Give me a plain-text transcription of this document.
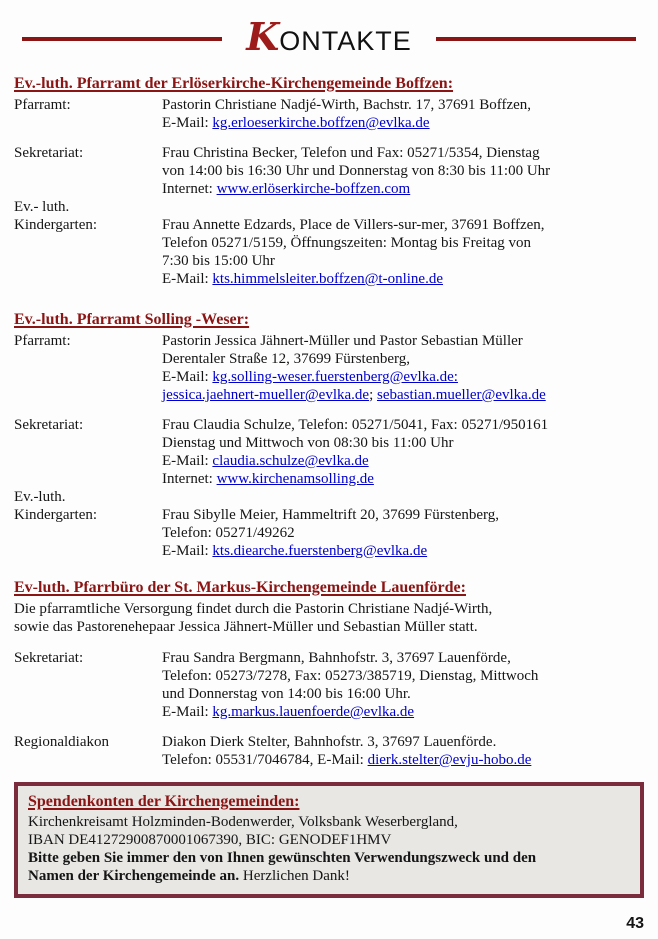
KONTAKTE
Ev.-luth. Pfarramt der Erlöserkirche-Kirchengemeinde Boffzen:
Pfarramt:	Pastorin Christiane Nadjé-Wirth, Bachstr. 17, 37691 Boffzen,
E-Mail: kg.erloeserkirche.boffzen@evlka.de
Sekretariat:	Frau Christina Becker, Telefon und Fax: 05271/5354, Dienstag
von 14:00 bis 16:30 Uhr und Donnerstag von 8:30 bis 11:00 Uhr
Internet: www.erlöserkirche-boffzen.com
Ev.- luth.
Kindergarten:	Frau Annette Edzards, Place de Villers-sur-mer, 37691 Boffzen,
Telefon 05271/5159, Öffnungszeiten: Montag bis Freitag von
7:30 bis 15:00 Uhr
E-Mail: kts.himmelsleiter.boffzen@t-online.de
Ev.-luth. Pfarramt Solling -Weser:
Pfarramt:	Pastorin Jessica Jähnert-Müller und Pastor Sebastian Müller
Derentaler Straße 12, 37699 Fürstenberg,
E-Mail: kg.solling-weser.fuerstenberg@evlka.de:
jessica.jaehnert-mueller@evlka.de; sebastian.mueller@evlka.de
Sekretariat:	Frau Claudia Schulze, Telefon: 05271/5041, Fax: 05271/950161
Dienstag und Mittwoch von 08:30 bis 11:00 Uhr
E-Mail: claudia.schulze@evlka.de
Internet: www.kirchenamsolling.de
Ev.-luth.
Kindergarten:	Frau Sibylle Meier, Hammeltrift 20, 37699 Fürstenberg,
Telefon: 05271/49262
E-Mail: kts.diearche.fuerstenberg@evlka.de
Ev-luth. Pfarrbüro der St. Markus-Kirchengemeinde Lauenförde:
Die pfarramtliche Versorgung findet durch die Pastorin Christiane Nadjé-Wirth,
sowie das Pastorenehepaar Jessica Jähnert-Müller und Sebastian Müller statt.
Sekretariat:	Frau Sandra Bergmann, Bahnhofstr. 3, 37697 Lauenförde,
Telefon: 05273/7278, Fax: 05273/385719, Dienstag, Mittwoch
und Donnerstag von 14:00 bis 16:00 Uhr.
E-Mail: kg.markus.lauenfoerde@evlka.de
Regionaldiakon	Diakon Dierk Stelter, Bahnhofstr. 3, 37697 Lauenförde.
Telefon: 05531/7046784, E-Mail: dierk.stelter@evju-hobo.de
Spendenkonten der Kirchengemeinden:
Kirchenkreisamt Holzminden-Bodenwerder, Volksbank Weserbergland,
IBAN DE41272900870001067390, BIC: GENODEF1HMV
Bitte geben Sie immer den von Ihnen gewünschten Verwendungszweck und den
Namen der Kirchengemeinde an. Herzlichen Dank!
43
